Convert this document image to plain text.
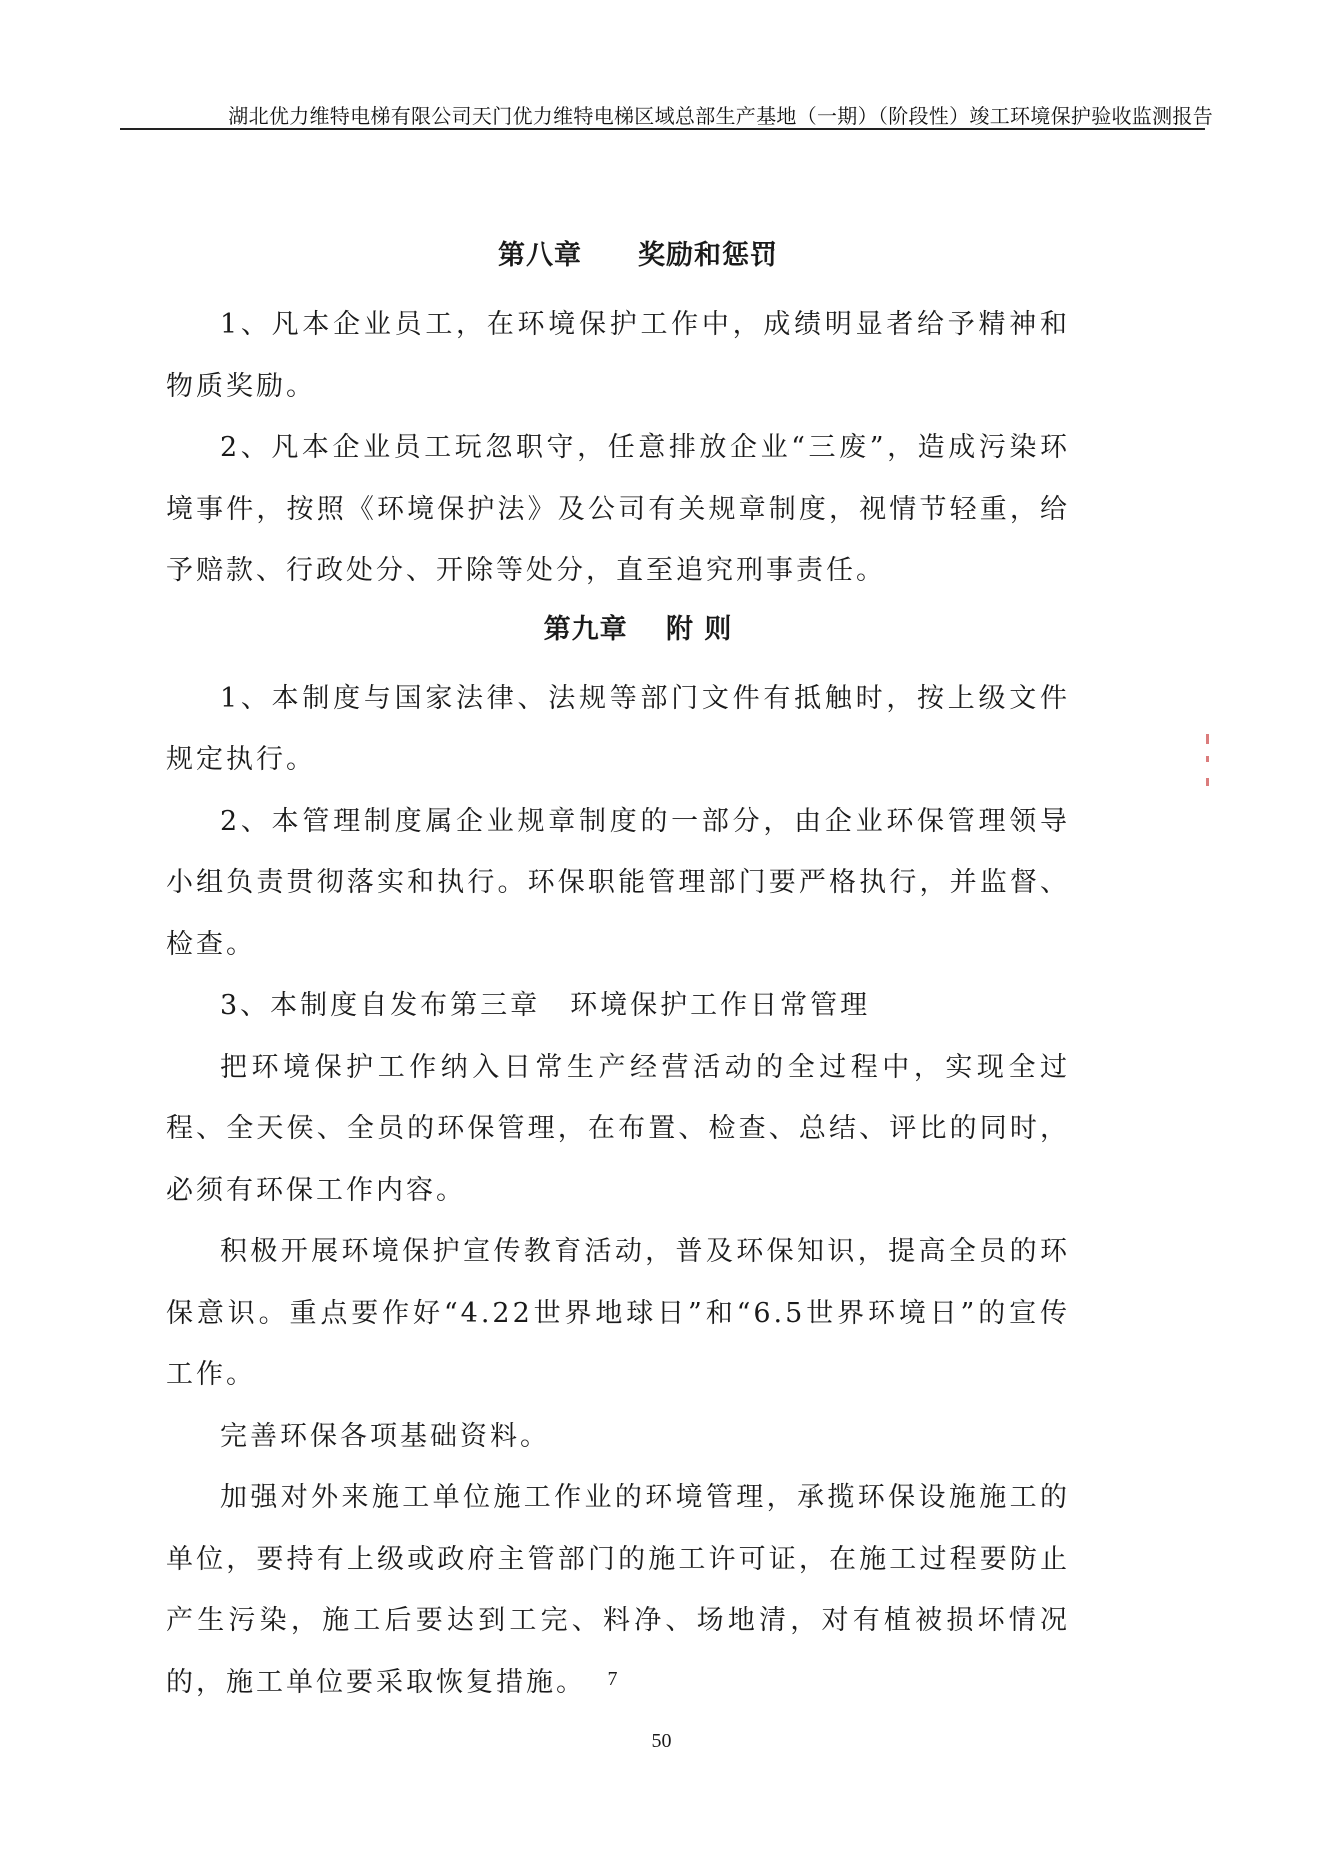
湖北优力维特电梯有限公司天门优力维特电梯区域总部生产基地（一期）（阶段性）竣工环境保护验收监测报告
第八章　　奖励和惩罚

1、凡本企业员工，在环境保护工作中，成绩明显者给予精神和物质奖励。

2、凡本企业员工玩忽职守，任意排放企业“三废”，造成污染环境事件，按照《环境保护法》及公司有关规章制度，视情节轻重，给予赔款、行政处分、开除等处分，直至追究刑事责任。

第九章　 附 则

1、本制度与国家法律、法规等部门文件有抵触时，按上级文件规定执行。

2、本管理制度属企业规章制度的一部分，由企业环保管理领导小组负责贯彻落实和执行。环保职能管理部门要严格执行，并监督、检查。

3、本制度自发布第三章　环境保护工作日常管理

把环境保护工作纳入日常生产经营活动的全过程中，实现全过程、全天侯、全员的环保管理，在布置、检查、总结、评比的同时，必须有环保工作内容。

积极开展环境保护宣传教育活动，普及环保知识，提高全员的环保意识。重点要作好“4.22世界地球日”和“6.5世界环境日”的宣传工作。

完善环保各项基础资料。

加强对外来施工单位施工作业的环境管理，承揽环保设施施工的单位，要持有上级或政府主管部门的施工许可证，在施工过程要防止产生污染，施工后要达到工完、料净、场地清，对有植被损坏情况的，施工单位要采取恢复措施。	7
50
